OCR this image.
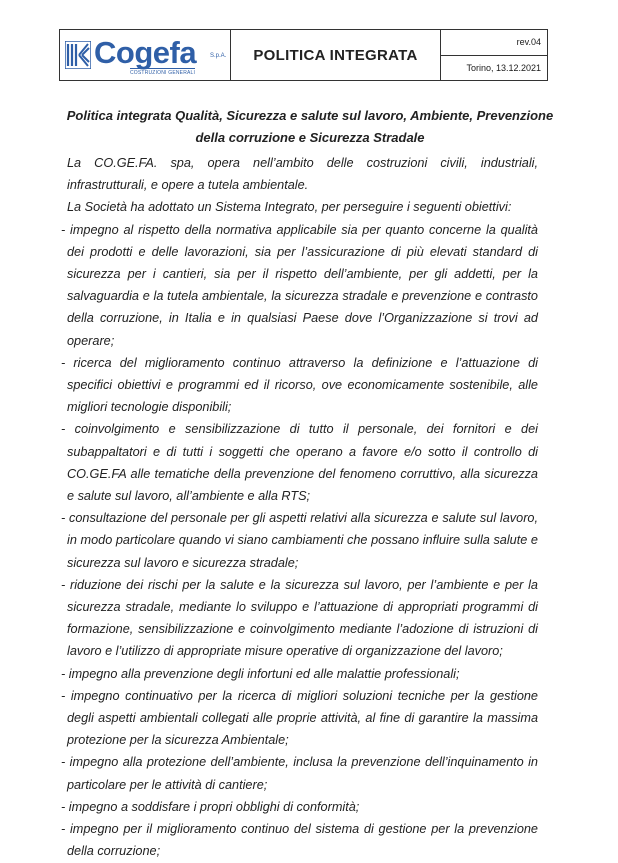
Cogefa S.p.A.
COSTRUZIONI GENERALI
POLITICA INTEGRATA
rev.04
Torino, 13.12.2021
Politica integrata Qualità, Sicurezza e salute sul lavoro, Ambiente, Prevenzione della corruzione e Sicurezza Stradale

La CO.GE.FA. spa, opera nell’ambito delle costruzioni civili, industriali, infrastrutturali, e opere a tutela ambientale.

La Società ha adottato un Sistema Integrato, per perseguire i seguenti obiettivi:

- impegno al rispetto della normativa applicabile sia per quanto concerne la qualità dei prodotti e delle lavorazioni, sia per l’assicurazione di più elevati standard di sicurezza per i cantieri, sia per il rispetto dell’ambiente, per gli addetti, per la salvaguardia e la tutela ambientale, la sicurezza stradale e prevenzione e contrasto della corruzione, in Italia e in qualsiasi Paese dove l’Organizzazione si trovi ad operare;

- ricerca del miglioramento continuo attraverso la definizione e l’attuazione di specifici obiettivi e programmi ed il ricorso, ove economicamente sostenibile, alle migliori tecnologie disponibili;

- coinvolgimento e sensibilizzazione di tutto il personale, dei fornitori e dei subappaltatori e di tutti i soggetti che operano a favore e/o sotto il controllo di CO.GE.FA alle tematiche della prevenzione del fenomeno corruttivo, alla sicurezza e salute sul lavoro, all’ambiente e alla RTS;

- consultazione del personale per gli aspetti relativi alla sicurezza e salute sul lavoro, in modo particolare quando vi siano cambiamenti che possano influire sulla salute e sicurezza sul lavoro e sicurezza stradale;

- riduzione dei rischi per la salute e la sicurezza sul lavoro, per l’ambiente e per la sicurezza stradale, mediante lo sviluppo e l’attuazione di appropriati programmi di formazione, sensibilizzazione e coinvolgimento mediante l’adozione di istruzioni di lavoro e l’utilizzo di appropriate misure operative di organizzazione del lavoro;

- impegno alla prevenzione degli infortuni ed alle malattie professionali;

- impegno continuativo per la ricerca di migliori soluzioni tecniche per la gestione degli aspetti ambientali collegati alle proprie attività, al fine di garantire la massima protezione per la sicurezza Ambientale;

- impegno alla protezione dell’ambiente, inclusa la prevenzione dell’inquinamento in particolare per le attività di cantiere;

- impegno a soddisfare i propri obblighi di conformità;

- impegno per il miglioramento continuo del sistema di gestione per la prevenzione della corruzione;
